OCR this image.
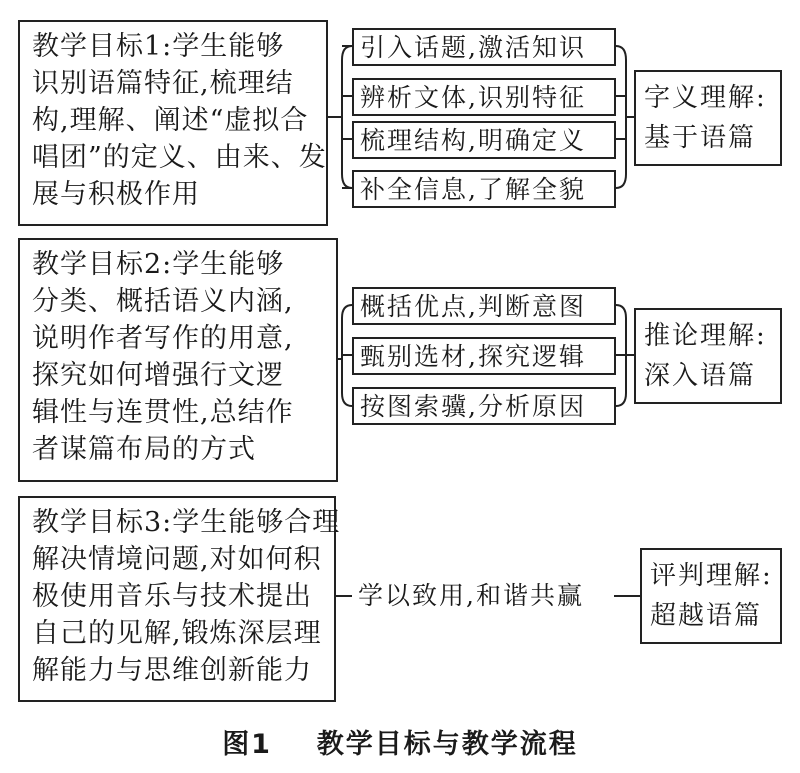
教学目标1:学生能够
识别语篇特征,梳理结
构,理解、阐述“虚拟合
唱团”的定义、由来、发
展与积极作用
引入话题,激活知识
辨析文体,识别特征
梳理结构,明确定义
补全信息,了解全貌
字义理解:
基于语篇
教学目标2:学生能够
分类、概括语义内涵,
说明作者写作的用意,
探究如何增强行文逻
辑性与连贯性,总结作
者谋篇布局的方式
概括优点,判断意图
甄别选材,探究逻辑
按图索骥,分析原因
推论理解:
深入语篇
教学目标3:学生能够合理
解决情境问题,对如何积
极使用音乐与技术提出
自己的见解,锻炼深层理
解能力与思维创新能力
学以致用,和谐共赢
评判理解:
超越语篇
图1 教学目标与教学流程
